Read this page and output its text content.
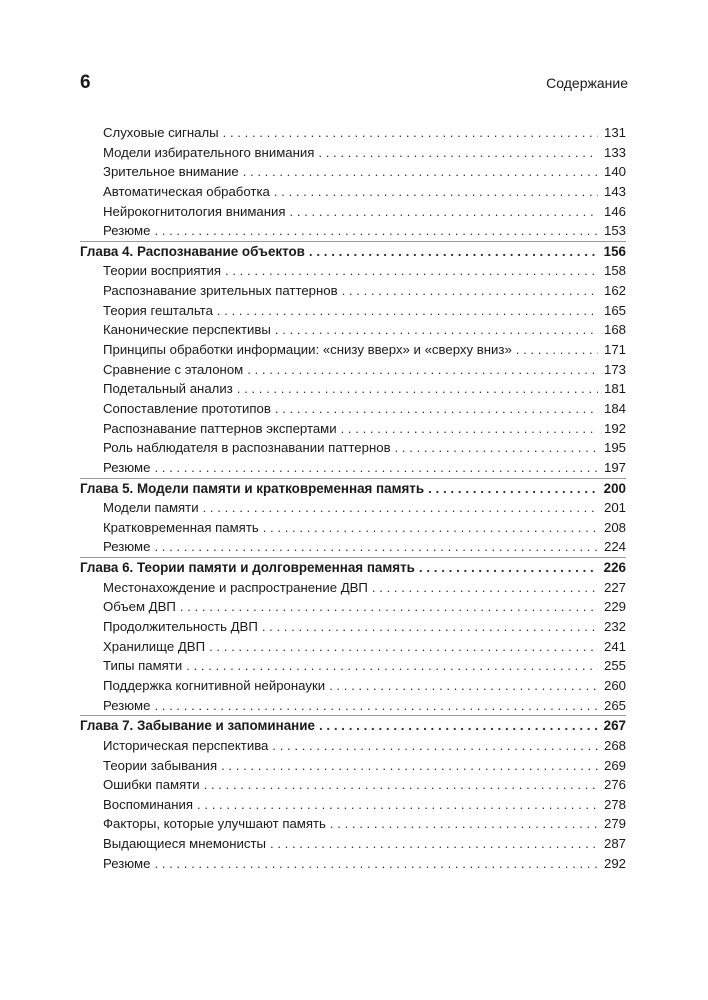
6	Содержание
Слуховые сигналы . . .	131
Модели избирательного внимания . . .	133
Зрительное внимание . . .	140
Автоматическая обработка . . .	143
Нейрокогнитология внимания . . .	146
Резюме . . .	153
Глава 4. Распознавание объектов . . .	156
Теории восприятия . . .	158
Распознавание зрительных паттернов . . .	162
Теория гештальта . . .	165
Канонические перспективы . . .	168
Принципы обработки информации: «снизу вверх» и «сверху вниз» . . .	171
Сравнение с эталоном . . .	173
Подетальный анализ . . .	181
Сопоставление прототипов . . .	184
Распознавание паттернов экспертами . . .	192
Роль наблюдателя в распознавании паттернов . . .	195
Резюме . . .	197
Глава 5. Модели памяти и кратковременная память . . .	200
Модели памяти . . .	201
Кратковременная память . . .	208
Резюме . . .	224
Глава 6. Теории памяти и долговременная память . . .	226
Местонахождение и распространение ДВП . . .	227
Объем ДВП . . .	229
Продолжительность ДВП . . .	232
Хранилище ДВП . . .	241
Типы памяти . . .	255
Поддержка когнитивной нейронауки . . .	260
Резюме . . .	265
Глава 7. Забывание и запоминание . . .	267
Историческая перспектива . . .	268
Теории забывания . . .	269
Ошибки памяти . . .	276
Воспоминания . . .	278
Факторы, которые улучшают память . . .	279
Выдающиеся мнемонисты . . .	287
Резюме . . .	292
